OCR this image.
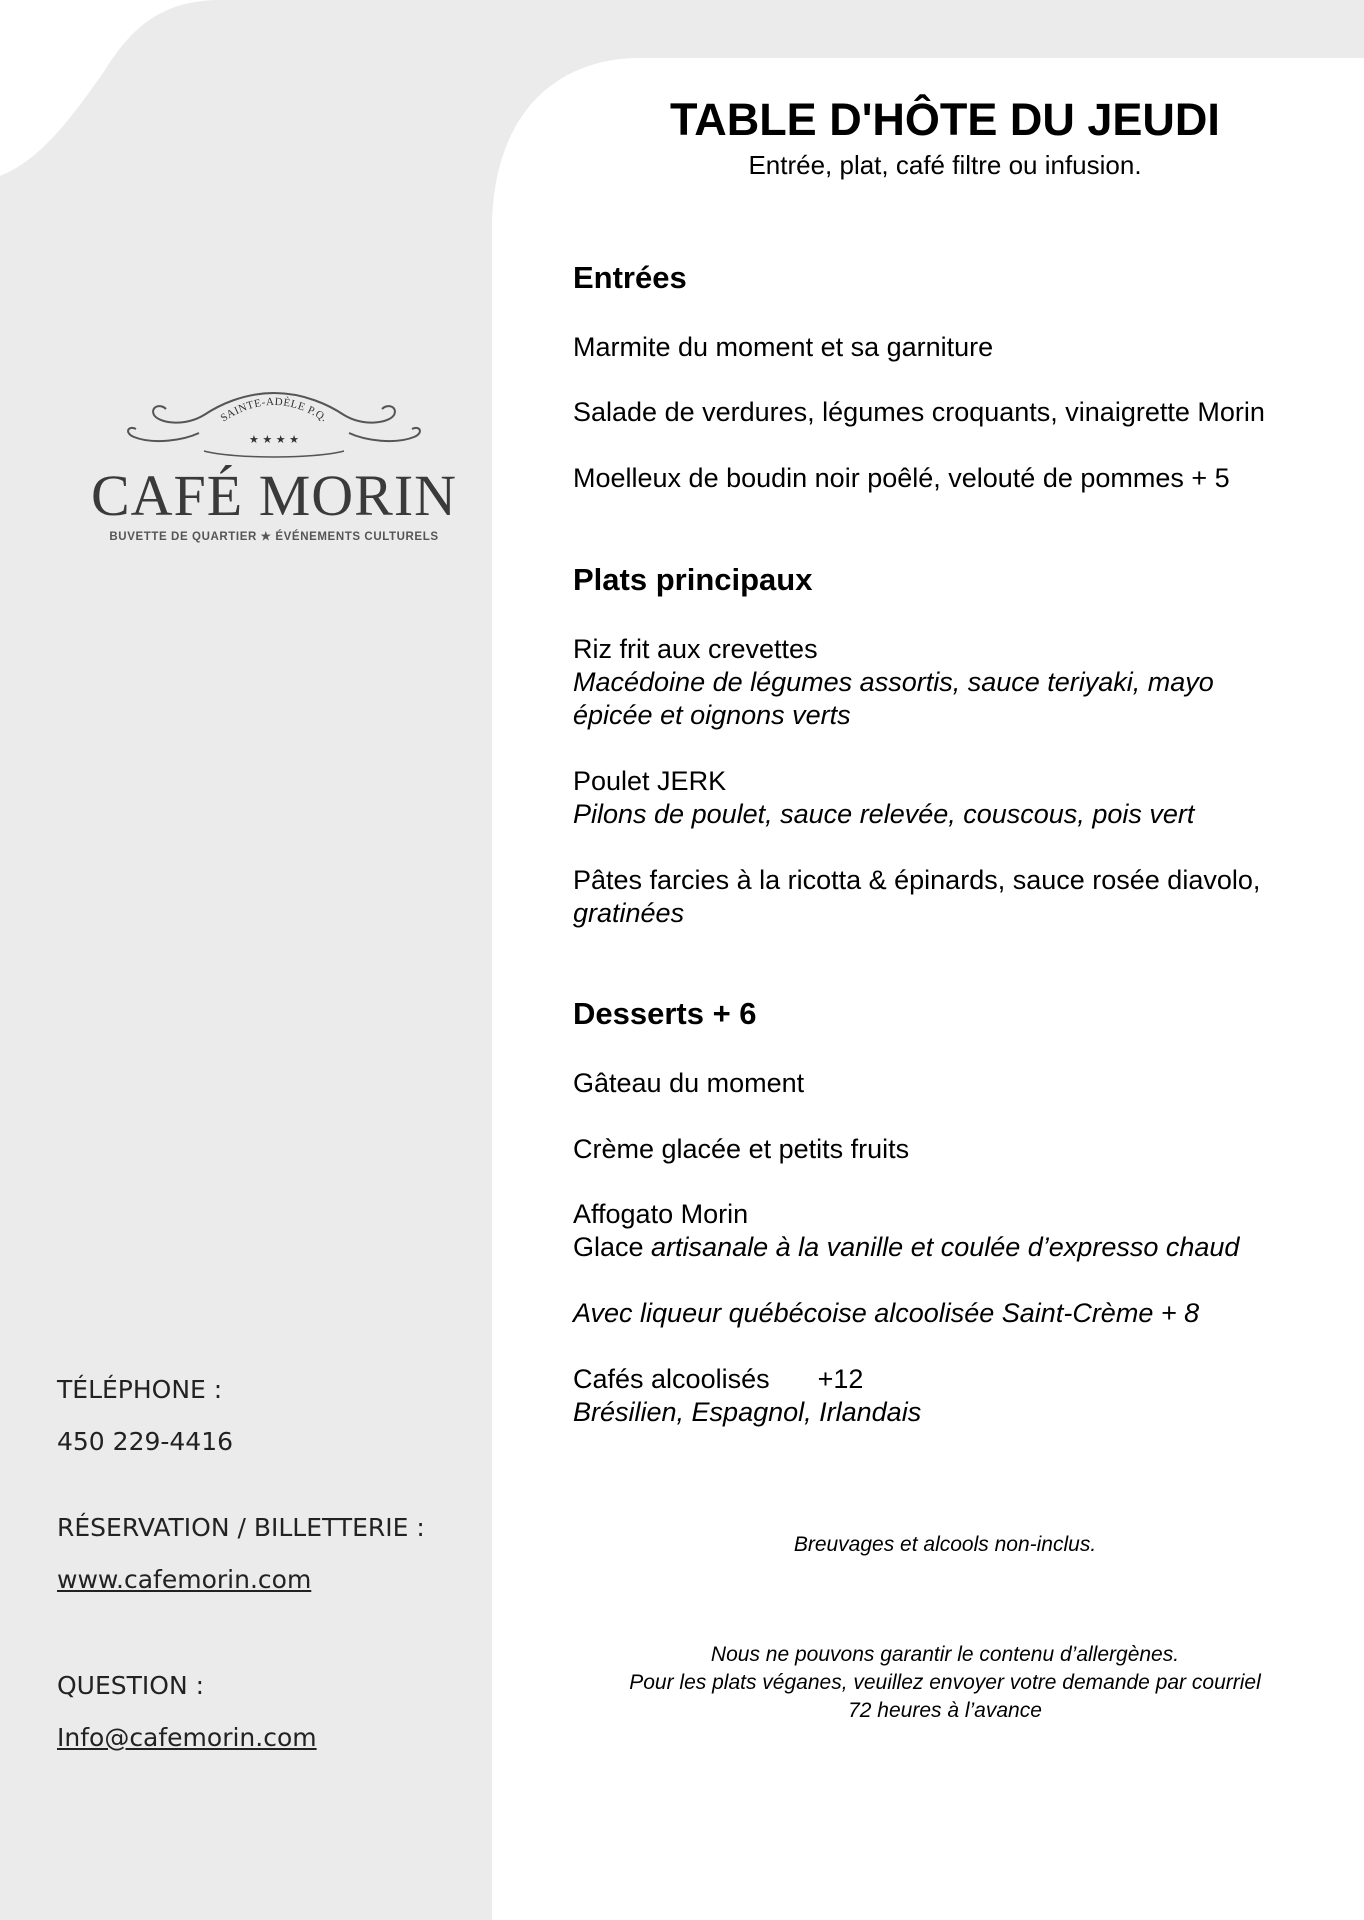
SAINTE-ADÈLE P.Q.
★ ★ ★ ★
CAFÉ MORIN
BUVETTE DE QUARTIER ★ ÉVÉNEMENTS CULTURELS
TÉLÉPHONE :
450 229-4416
RÉSERVATION / BILLETTERIE :
www.cafemorin.com
QUESTION :
Info@cafemorin.com
TABLE D'HÔTE DU JEUDI
Entrée, plat, café filtre ou infusion.
Entrées
Marmite du moment et sa garniture
Salade de verdures, légumes croquants, vinaigrette Morin
Moelleux de boudin noir poêlé, velouté de pommes + 5
Plats principaux
Riz frit aux crevettes
Macédoine de légumes assortis, sauce teriyaki, mayo épicée et oignons verts
Poulet JERK
Pilons de poulet, sauce relevée, couscous, pois vert
Pâtes farcies à la ricotta & épinards, sauce rosée diavolo,
gratinées
Desserts + 6
Gâteau du moment
Crème glacée et petits fruits
Affogato Morin
Glace artisanale à la vanille et coulée d’expresso chaud
Avec liqueur québécoise alcoolisée Saint-Crème + 8
Cafés alcoolisés +12
Brésilien, Espagnol, Irlandais
Breuvages et alcools non-inclus.
Nous ne pouvons garantir le contenu d’allergènes.
Pour les plats véganes, veuillez envoyer votre demande par courriel
72 heures à l’avance
